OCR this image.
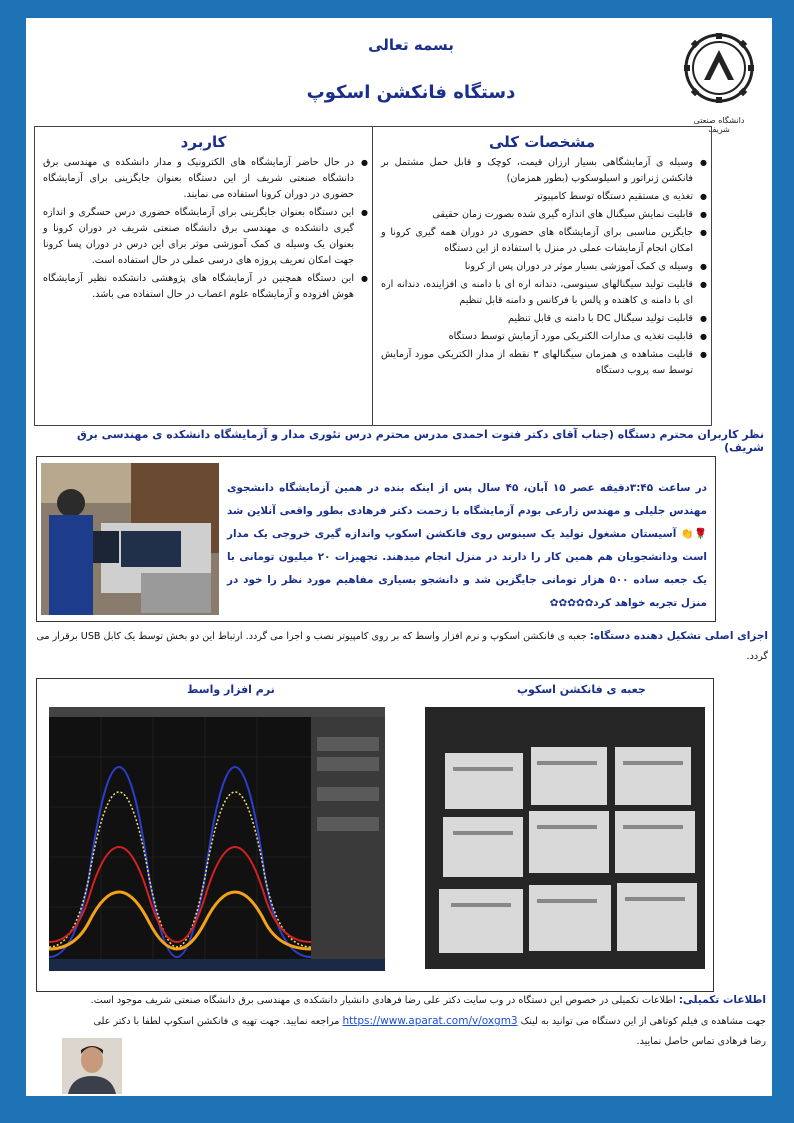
دانشگاه صنعتی شریف
بسمه تعالی
دستگاه فانکشن اسکوپ
مشخصات کلی
● وسیله ی آزمایشگاهی بسیار ارزان قیمت، کوچک و قابل حمل مشتمل بر فانکشن ژنراتور و اسیلوسکوپ (بطور همزمان)
● تغذیه ی مستقیم دستگاه توسط کامپیوتر
● قابلیت نمایش سیگنال های اندازه گیری شده بصورت زمان حقیقی
● جایگزین مناسبی برای آزمایشگاه های حضوری در دوران همه گیری کرونا و امکان انجام آزمایشات عملی در منزل با استفاده از این دستگاه
● وسیله ی کمک آموزشی بسیار موثر در دوران پس از کرونا
● قابلیت تولید سیگنالهای سینوسی، دندانه اره ای با دامنه ی افزاینده، دندانه اره ای با دامنه ی کاهنده و پالس با فرکانس و دامنه قابل تنظیم
● قابلیت تولید سیگنال DC با دامنه ی قابل تنظیم
● قابلیت تغذیه ی مدارات الکتریکی مورد آزمایش توسط دستگاه
● قابلیت مشاهده ی همزمان سیگنالهای ۳ نقطه از مدار الکتریکی مورد آزمایش توسط سه پروب دستگاه
کاربرد
● در حال حاضر آزمایشگاه های الکترونیک و مدار دانشکده ی مهندسی برق دانشگاه صنعتی شریف از این دستگاه بعنوان جایگزینی برای آزمایشگاه حضوری در دوران کرونا استفاده می نمایند.
● این دستگاه بعنوان جایگزینی برای آزمایشگاه حضوری درس حسگری و اندازه گیری دانشکده ی مهندسی برق دانشگاه صنعتی شریف در دوران کرونا و بعنوان یک وسیله ی کمک آموزشی موثر برای این درس در دوران پسا کرونا جهت امکان تعریف پروژه های درسی عملی در حال استفاده است.
● این دستگاه همچنین در آزمایشگاه های پژوهشی دانشکده نظیر آزمایشگاه هوش افزوده و آزمایشگاه علوم اعصاب در حال استفاده می باشد.
نظر کاربران محترم دستگاه (جناب آقای دکتر فتوت احمدی مدرس محترم درس تئوری مدار و آزمایشگاه دانشکده ی مهندسی برق شریف)
در ساعت ۳:۴۵دقیقه عصر ۱۵ آبان، ۴۵ سال پس از اینکه بنده در همین آزمایشگاه دانشجوی مهندس جلیلی و مهندس زارعی بودم آزمایشگاه با زحمت دکتر فرهادی بطور واقعی آنلاین شد 🌹👏 آسیستان مشغول تولید یک سینوس روی فانکشن اسکوپ واندازه گیری خروجی یک مدار است ودانشجویان هم همین کار را دارند در منزل انجام میدهند. تجهیزات ۲۰ میلیون تومانی با یک جعبه ساده ۵۰۰ هزار تومانی جایگزین شد و دانشجو بسیاری مفاهیم مورد نظر را خود در منزل تجربه خواهد کرد✿✿✿✿✿
اجزای اصلی تشکیل دهنده دستگاه: جعبه ی فانکشن اسکوپ و نرم افزار واسط که بر روی کامپیوتر نصب و اجرا می گردد. ارتباط این دو بخش توسط یک کابل USB برقرار می گردد.
نرم افزار واسط	جعبه ی فانکشن اسکوپ
اطلاعات تکمیلی: اطلاعات تکمیلی در خصوص این دستگاه در وب سایت دکتر علی رضا فرهادی دانشیار دانشکده ی مهندسی برق دانشگاه صنعتی شریف موجود است. جهت مشاهده ی فیلم کوتاهی از این دستگاه می توانید به لینک https://www.aparat.com/v/oxgm3 مراجعه نمایید. جهت تهیه ی فانکشن اسکوپ لطفا با دکتر علی رضا فرهادی تماس حاصل نمایید.
